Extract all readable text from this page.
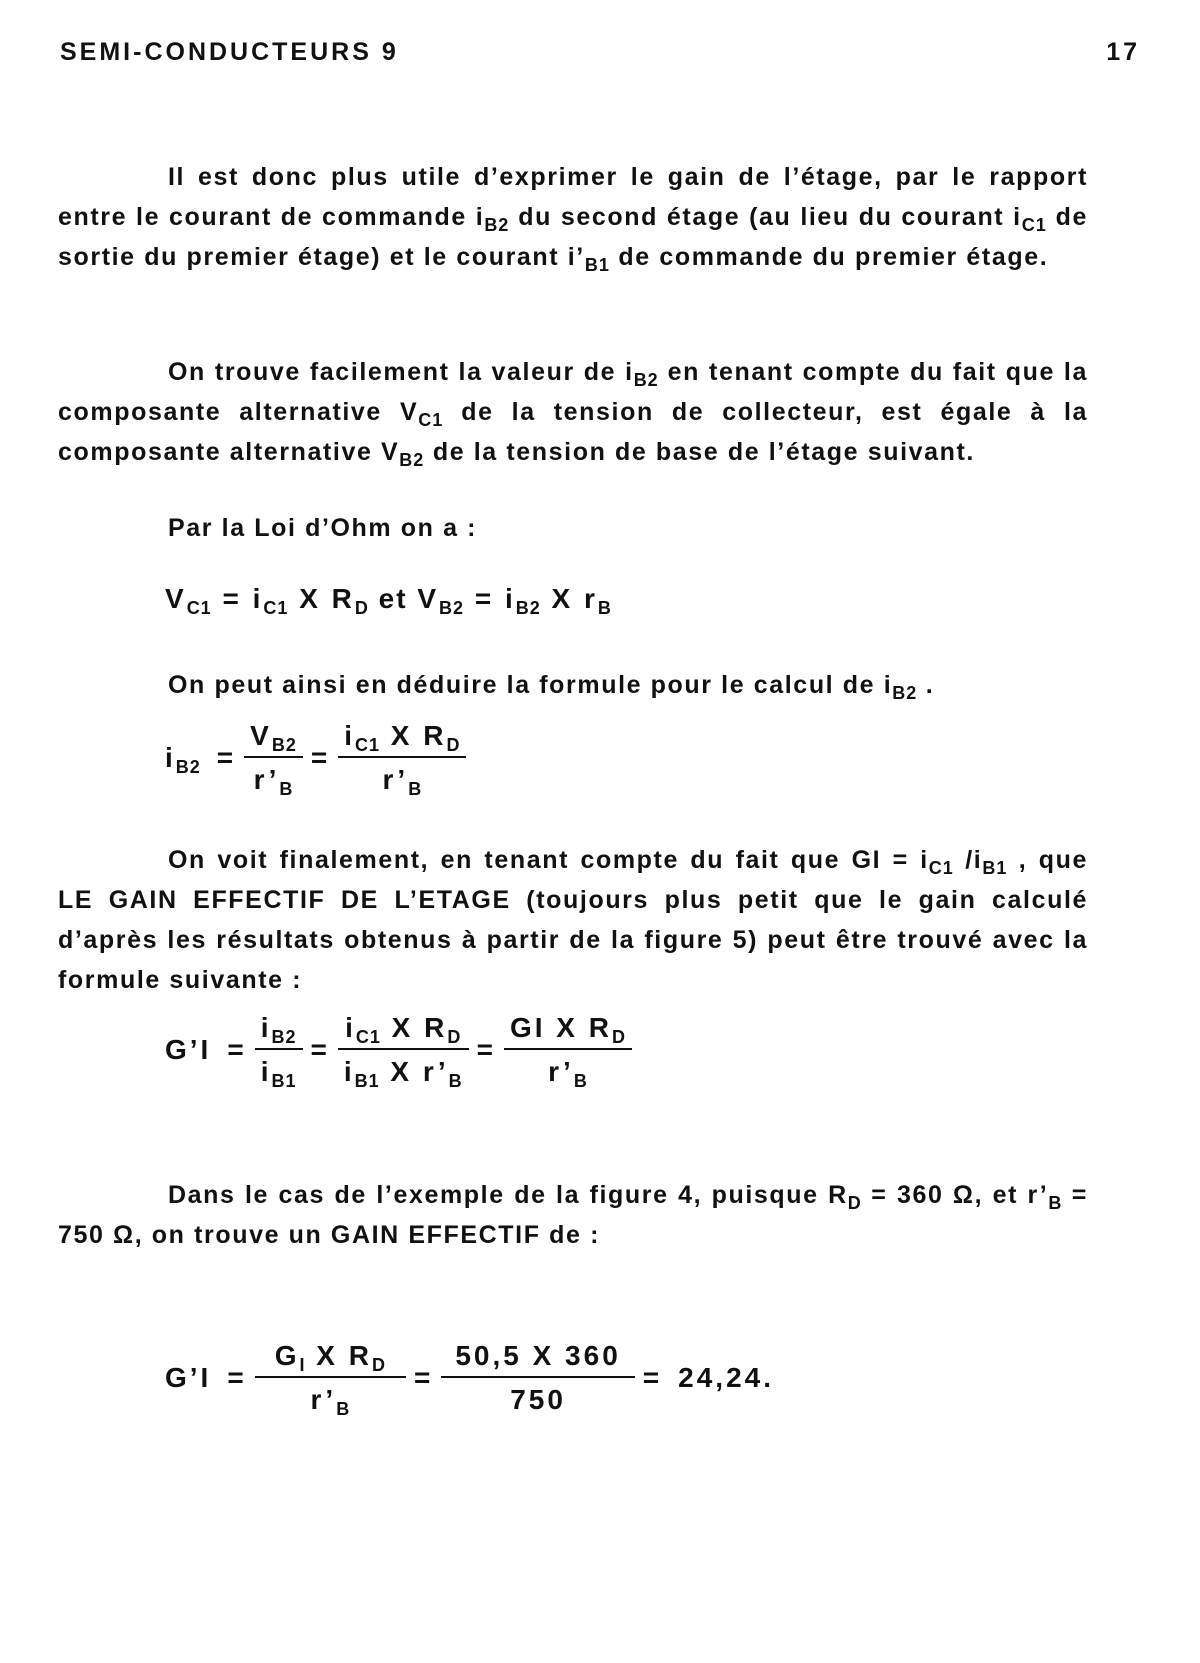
SEMI-CONDUCTEURS 9	17
Il est donc plus utile d’exprimer le gain de l’étage, par le rapport entre le courant de commande $i_{B2}$ du second étage (au lieu du courant $i_{C1}$ de sortie du premier étage) et le courant $i’_{B1}$ de commande du premier étage.
On trouve facilement la valeur de $i_{B2}$ en tenant compte du fait que la composante alternative $V_{C1}$ de la tension de collecteur, est égale à la composante alternative $V_{B2}$ de la tension de base de l’étage suivant.
Par la Loi d’Ohm on a :
$V_{C1} = i_{C1}$ X $R_D$ et $V_{B2} = i_{B2}$ X $r_B$
On peut ainsi en déduire la formule pour le calcul de $i_{B2}$ .
$i_{B2} = \frac{V_{B2}}{r’_B} = \frac{i_{C1} X R_D}{r’_B}$
On voit finalement, en tenant compte du fait que GI = $i_{C1}$ $/i_{B1}$ , que LE GAIN EFFECTIF DE L’ETAGE (toujours plus petit que le gain calculé d’après les résultats obtenus à partir de la figure 5) peut être trouvé avec la formule suivante :
G’I = $\frac{i_{B2}}{i_{B1}} = \frac{i_{C1} X R_D}{i_{B1} X r’_B} = \frac{GI X R_D}{r’_B}$
Dans le cas de l’exemple de la figure 4, puisque $R_D = 360$ Ω, et $r’_B = 750$ Ω, on trouve un GAIN EFFECTIF de :
G’I = $\frac{G_I X R_D}{r’_B} = \frac{50,5 X 360}{750} = 24,24$.
